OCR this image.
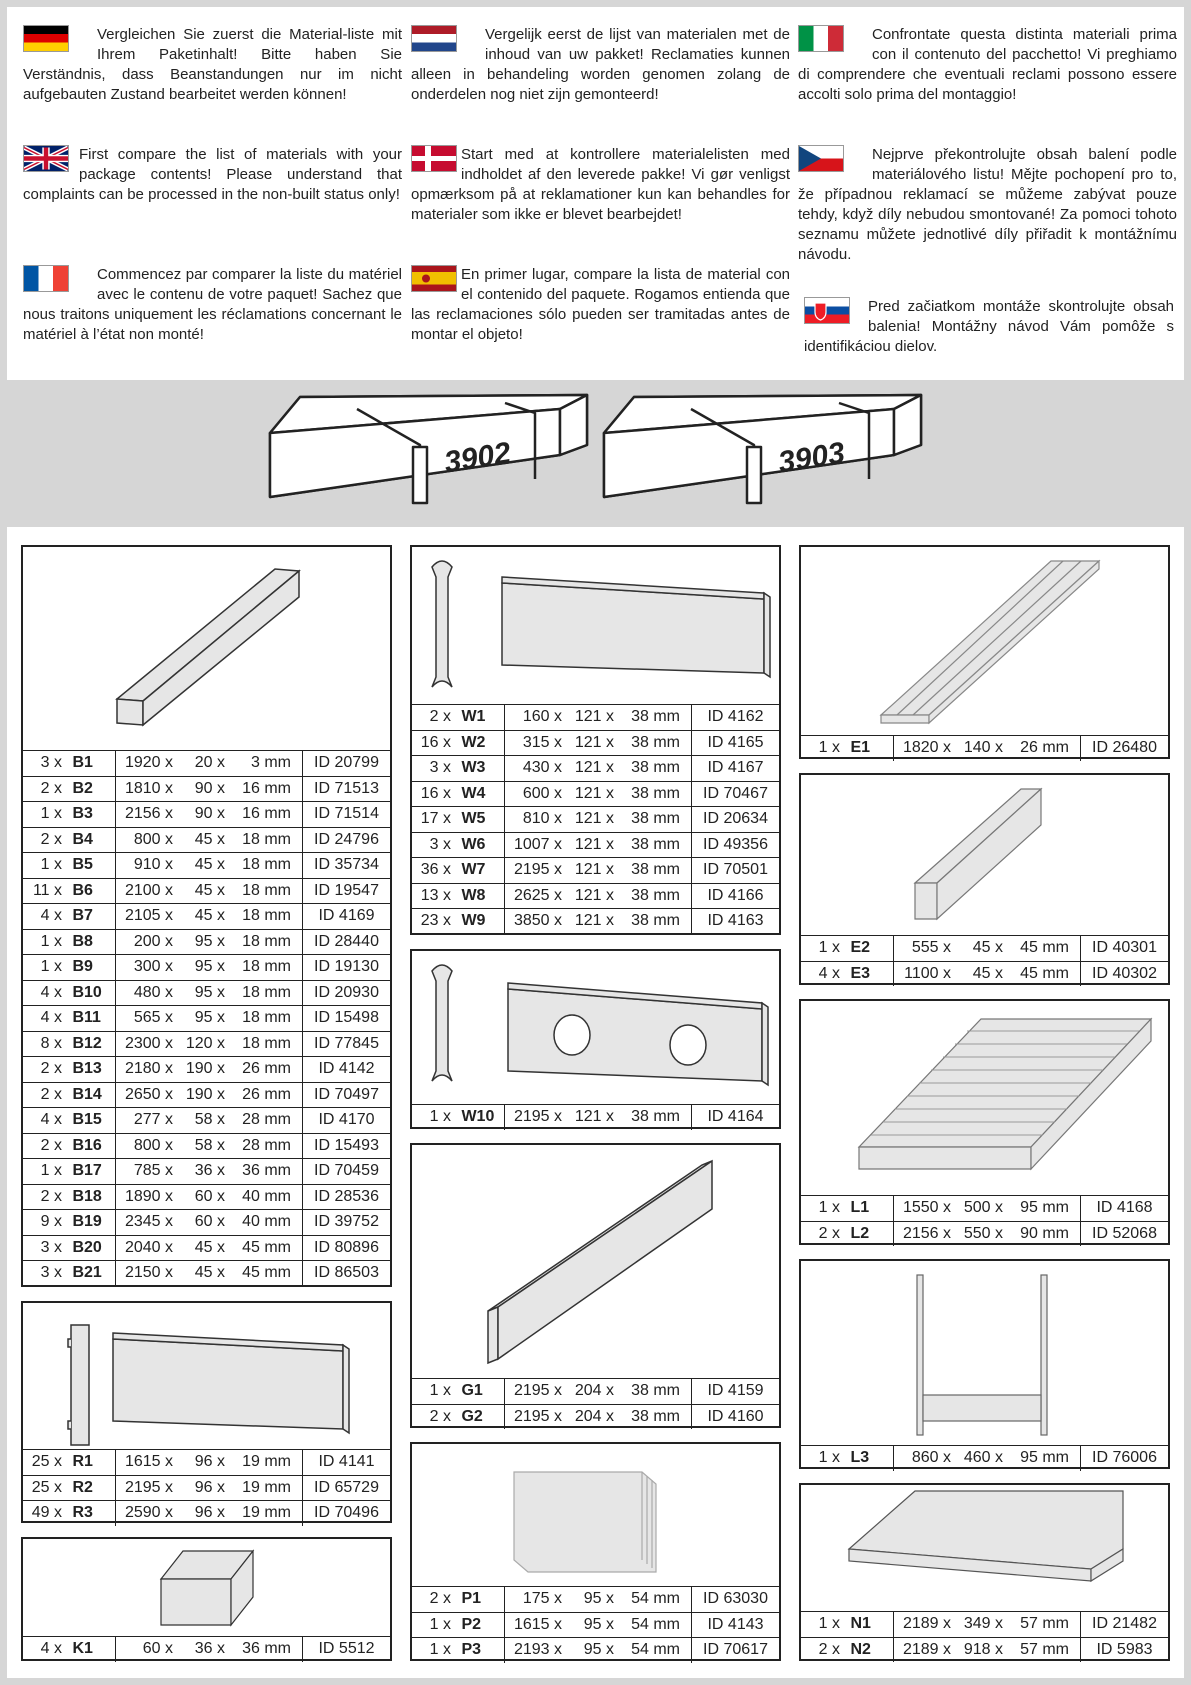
Vergleichen Sie zuerst die Material-liste mit Ihrem Paketinhalt! Bitte haben Sie Verständnis, dass Beanstandungen nur im nicht aufgebauten Zustand bearbeitet werden können!
Vergelijk eerst de lijst van materialen met de inhoud van uw pakket! Reclamaties kunnen alleen in behandeling worden genomen zolang de onderdelen nog niet zijn gemonteerd!
Confrontate questa distinta materiali prima con il contenuto del pacchetto! Vi preghiamo di comprendere che eventuali reclami possono essere accolti solo prima del montaggio!
First compare the list of materials with your package contents! Please understand that complaints can be processed in the non-built status only!
Start med at kontrollere materialelisten med indholdet af den leverede pakke! Vi gør venligst opmærksom på at reklamationer kun kan behandles for materialer som ikke er blevet bearbejdet!
Nejprve překontrolujte obsah balení podle materiálového listu! Mějte pochopení pro to, že případnou reklamací se můžeme zabývat pouze tehdy, když díly nebudou smontované! Za pomoci tohoto seznamu můžete jednotlivé díly přiřadit k montážnímu návodu.
Commencez par comparer la liste du matériel avec le contenu de votre paquet! Sachez que nous traitons uniquement les réclamations concernant le matériel à l’état non monté!
En primer lugar, compare la lista de material con el contenido del paquete. Rogamos entienda que las reclamaciones sólo pueden ser tramitadas antes de montar el objeto!
Pred začiatkom montáže skontrolujte obsah balenia! Montážny návod Vám pomôže s identifikáciou dielov.
3902	3903
3 x B1	1920 x 20 x 3 mm	ID 20799
2 x B2	1810 x 90 x 16 mm	ID 71513
1 x B3	2156 x 90 x 16 mm	ID 71514
2 x B4	800 x 45 x 18 mm	ID 24796
1 x B5	910 x 45 x 18 mm	ID 35734
11 x B6	2100 x 45 x 18 mm	ID 19547
4 x B7	2105 x 45 x 18 mm	ID 4169
1 x B8	200 x 95 x 18 mm	ID 28440
1 x B9	300 x 95 x 18 mm	ID 19130
4 x B10	480 x 95 x 18 mm	ID 20930
4 x B11	565 x 95 x 18 mm	ID 15498
8 x B12	2300 x 120 x 18 mm	ID 77845
2 x B13	2180 x 190 x 26 mm	ID 4142
2 x B14	2650 x 190 x 26 mm	ID 70497
4 x B15	277 x 58 x 28 mm	ID 4170
2 x B16	800 x 58 x 28 mm	ID 15493
1 x B17	785 x 36 x 36 mm	ID 70459
2 x B18	1890 x 60 x 40 mm	ID 28536
9 x B19	2345 x 60 x 40 mm	ID 39752
3 x B20	2040 x 45 x 45 mm	ID 80896
3 x B21	2150 x 45 x 45 mm	ID 86503
25 x R1	1615 x 96 x 19 mm	ID 4141
25 x R2	2195 x 96 x 19 mm	ID 65729
49 x R3	2590 x 96 x 19 mm	ID 70496
4 x K1	60 x 36 x 36 mm	ID 5512
2 x W1	160 x 121 x 38 mm	ID 4162
16 x W2	315 x 121 x 38 mm	ID 4165
3 x W3	430 x 121 x 38 mm	ID 4167
16 x W4	600 x 121 x 38 mm	ID 70467
17 x W5	810 x 121 x 38 mm	ID 20634
3 x W6	1007 x 121 x 38 mm	ID 49356
36 x W7	2195 x 121 x 38 mm	ID 70501
13 x W8	2625 x 121 x 38 mm	ID 4166
23 x W9	3850 x 121 x 38 mm	ID 4163
1 x W10	2195 x 121 x 38 mm	ID 4164
1 x G1	2195 x 204 x 38 mm	ID 4159
2 x G2	2195 x 204 x 38 mm	ID 4160
2 x P1	175 x 95 x 54 mm	ID 63030
1 x P2	1615 x 95 x 54 mm	ID 4143
1 x P3	2193 x 95 x 54 mm	ID 70617
1 x E1	1820 x 140 x 26 mm	ID 26480
1 x E2	555 x 45 x 45 mm	ID 40301
4 x E3	1100 x 45 x 45 mm	ID 40302
1 x L1	1550 x 500 x 95 mm	ID 4168
2 x L2	2156 x 550 x 90 mm	ID 52068
1 x L3	860 x 460 x 95 mm	ID 76006
1 x N1	2189 x 349 x 57 mm	ID 21482
2 x N2	2189 x 918 x 57 mm	ID 5983
